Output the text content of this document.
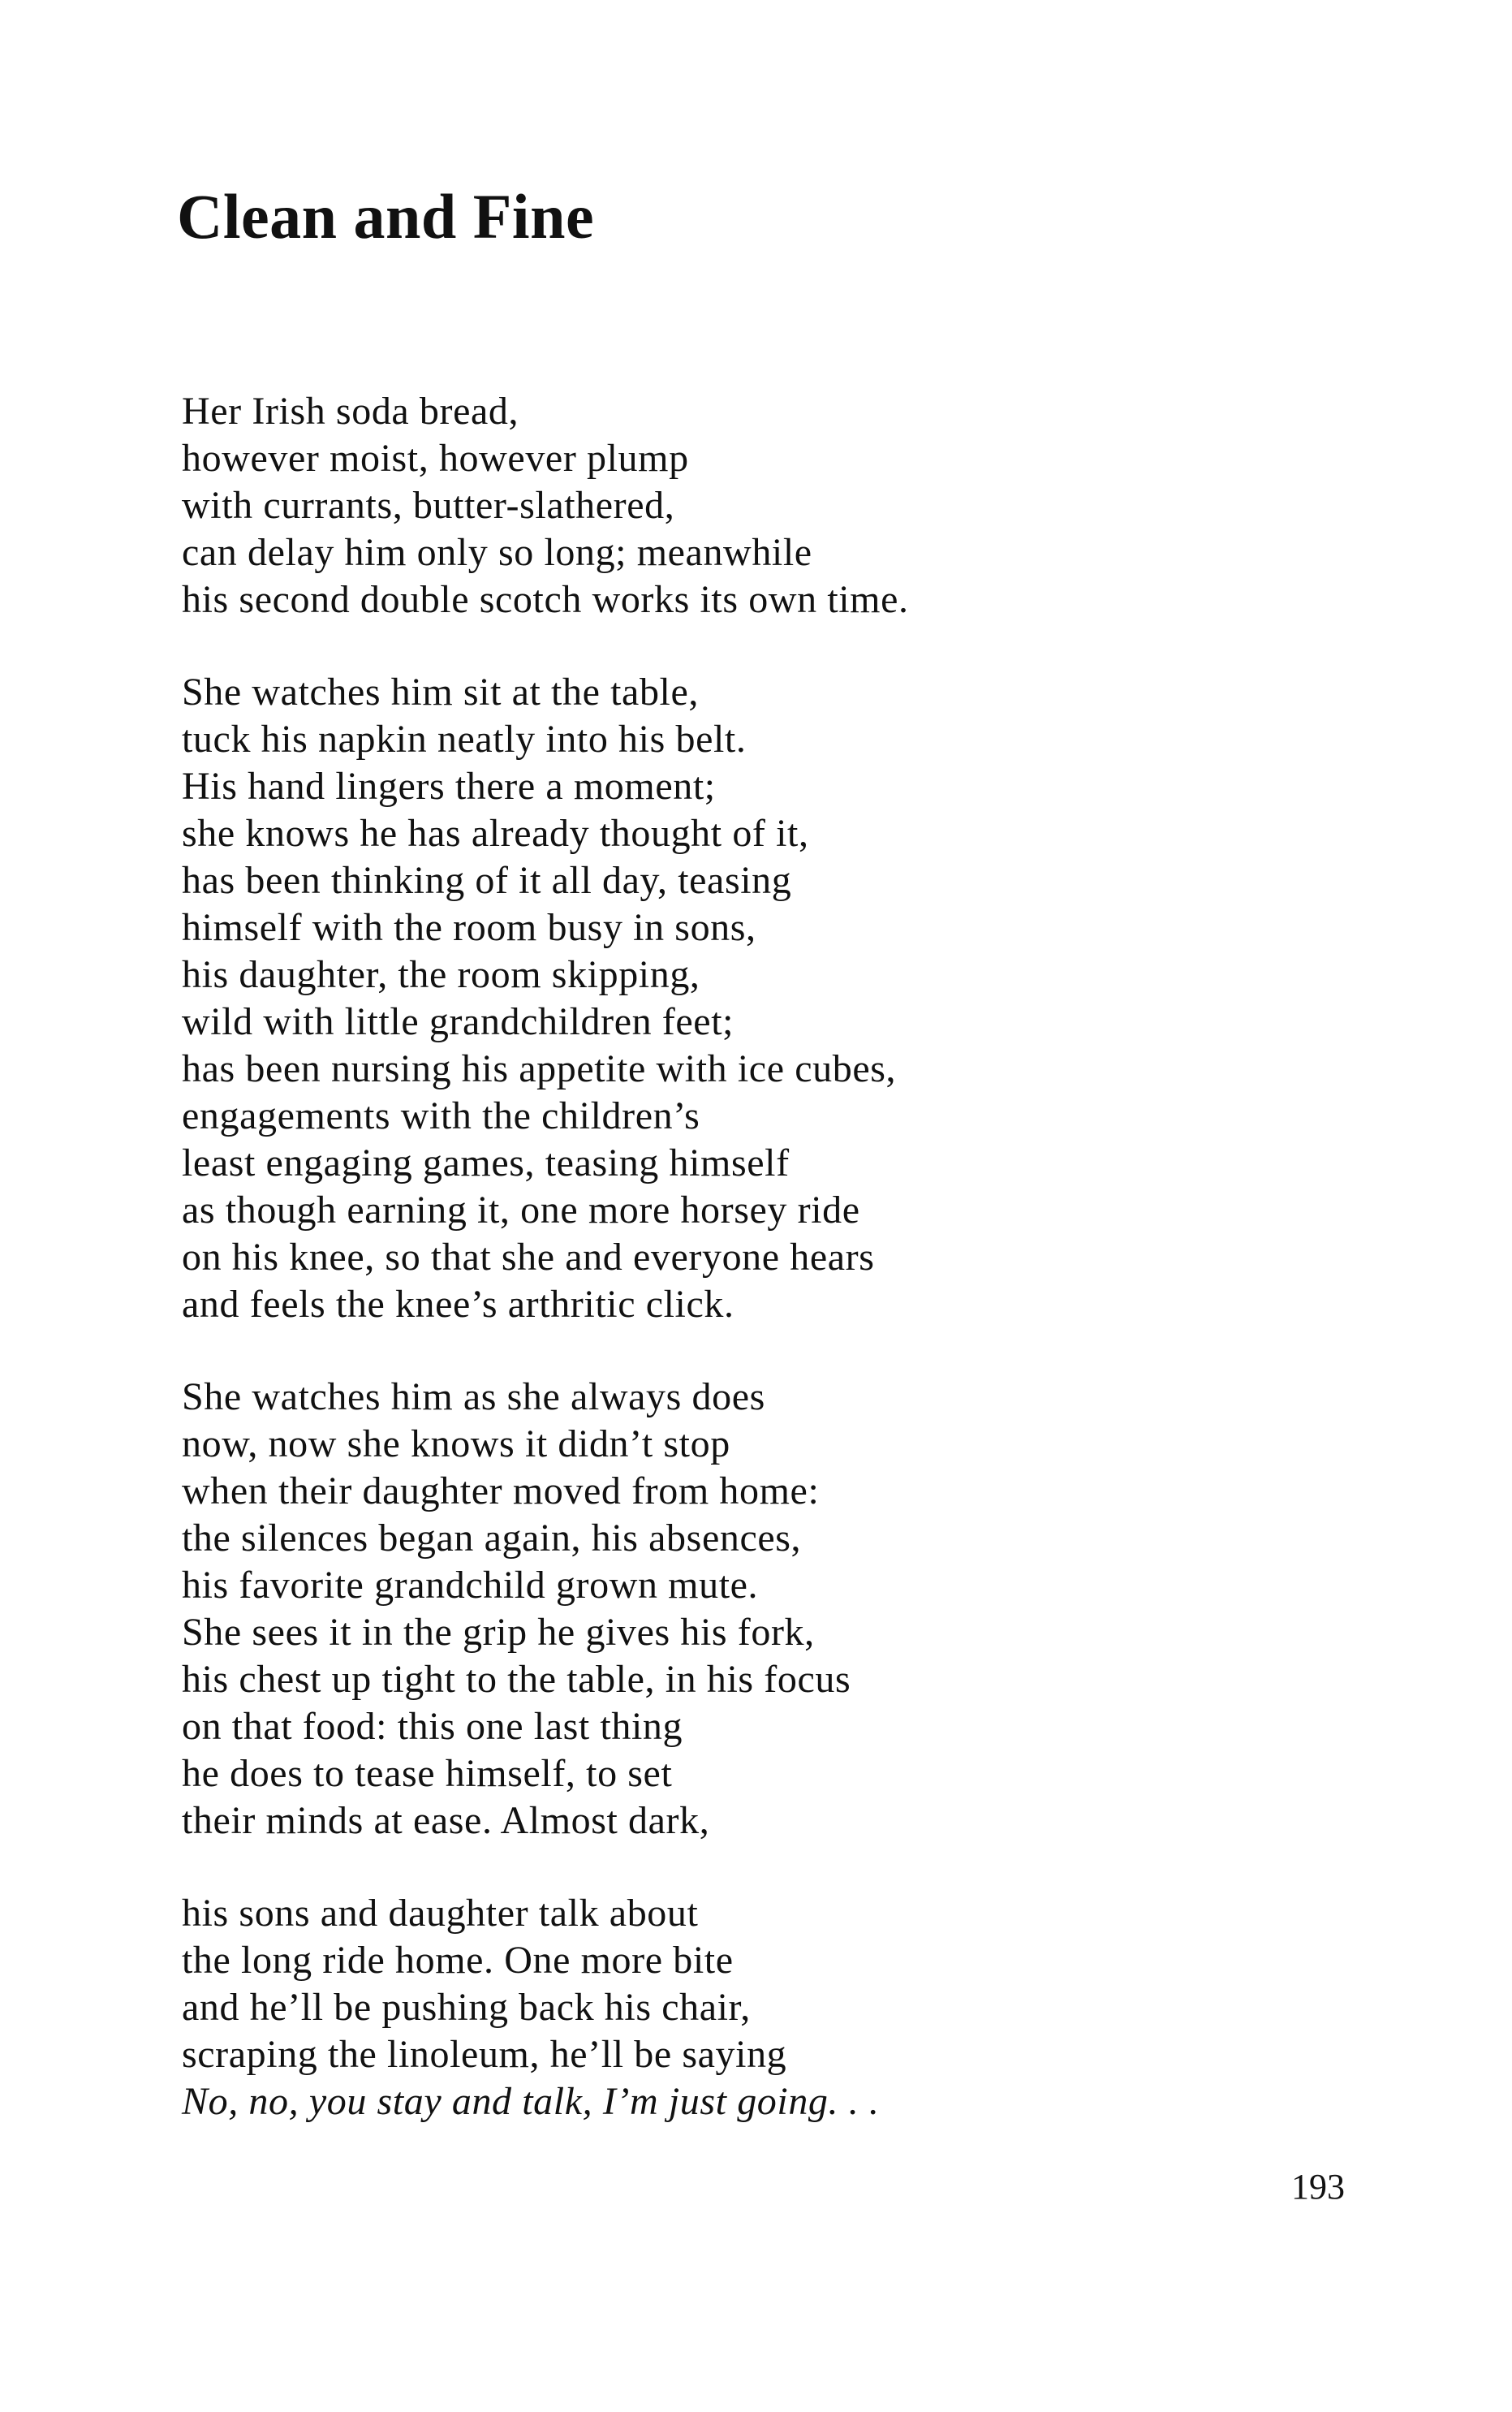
Clean and Fine
Her Irish soda bread,
however moist, however plump
with currants, butter-slathered,
can delay him only so long; meanwhile
his second double scotch works its own time.
She watches him sit at the table,
tuck his napkin neatly into his belt.
His hand lingers there a moment;
she knows he has already thought of it,
has been thinking of it all day, teasing
himself with the room busy in sons,
his daughter, the room skipping,
wild with little grandchildren feet;
has been nursing his appetite with ice cubes,
engagements with the children’s
least engaging games, teasing himself
as though earning it, one more horsey ride
on his knee, so that she and everyone hears
and feels the knee’s arthritic click.
She watches him as she always does
now, now she knows it didn’t stop
when their daughter moved from home:
the silences began again, his absences,
his favorite grandchild grown mute.
She sees it in the grip he gives his fork,
his chest up tight to the table, in his focus
on that food: this one last thing
he does to tease himself, to set
their minds at ease. Almost dark,
his sons and daughter talk about
the long ride home. One more bite
and he’ll be pushing back his chair,
scraping the linoleum, he’ll be saying
No, no, you stay and talk, I’m just going. . .
193
